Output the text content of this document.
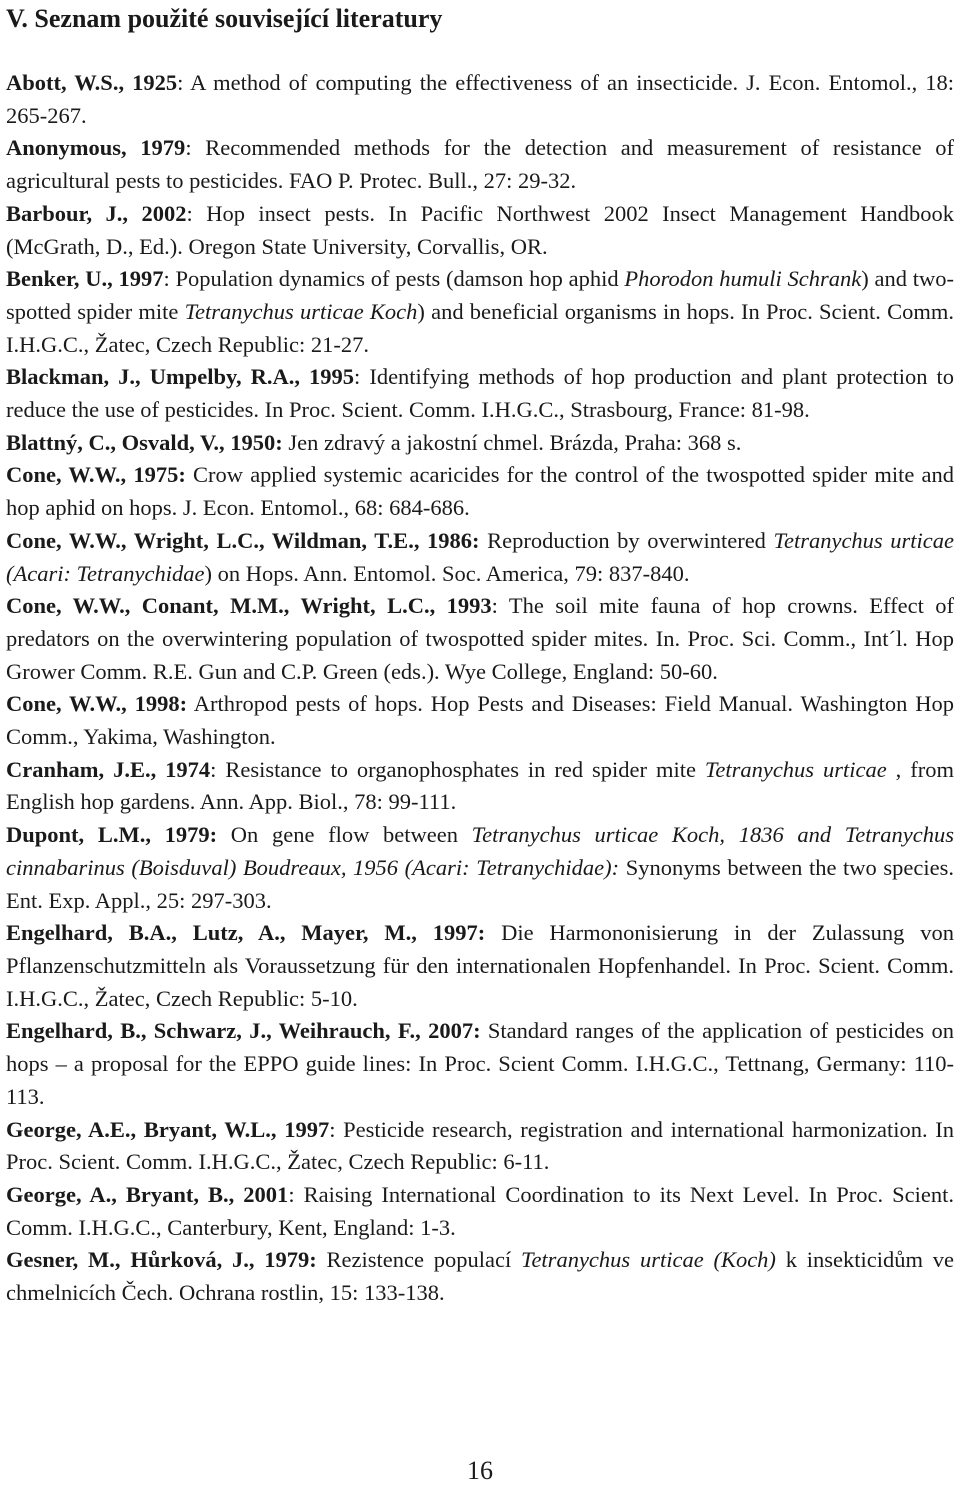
V. Seznam použité související literatury

Abott, W.S., 1925: A method of computing the effectiveness of an insecticide. J. Econ. Entomol., 18: 265-267.

Anonymous, 1979: Recommended methods for the detection and measurement of resistance of agricultural pests to pesticides. FAO P. Protec. Bull., 27: 29-32.

Barbour, J., 2002: Hop insect pests. In Pacific Northwest 2002 Insect Management Handbook (McGrath, D., Ed.). Oregon State University, Corvallis, OR.

Benker, U., 1997: Population dynamics of pests (damson hop aphid Phorodon humuli Schrank) and two-spotted spider mite Tetranychus urticae Koch) and beneficial organisms in hops. In Proc. Scient. Comm. I.H.G.C., Žatec, Czech Republic: 21-27.

Blackman, J., Umpelby, R.A., 1995: Identifying methods of hop production and plant protection to reduce the use of pesticides. In Proc. Scient. Comm. I.H.G.C., Strasbourg, France: 81-98.

Blattný, C., Osvald, V., 1950: Jen zdravý a jakostní chmel. Brázda, Praha: 368 s.

Cone, W.W., 1975: Crow applied systemic acaricides for the control of the twospotted spider mite and hop aphid on hops. J. Econ. Entomol., 68: 684-686.

Cone, W.W., Wright, L.C., Wildman, T.E., 1986: Reproduction by overwintered Tetranychus urticae (Acari: Tetranychidae) on Hops. Ann. Entomol. Soc. America, 79: 837-840.

Cone, W.W., Conant, M.M., Wright, L.C., 1993: The soil mite fauna of hop crowns. Effect of predators on the overwintering population of twospotted spider mites. In. Proc. Sci. Comm., Int´l. Hop Grower Comm. R.E. Gun and C.P. Green (eds.). Wye College, England: 50-60.

Cone, W.W., 1998: Arthropod pests of hops. Hop Pests and Diseases: Field Manual. Washington Hop Comm., Yakima, Washington.

Cranham, J.E., 1974: Resistance to organophosphates in red spider mite Tetranychus urticae , from English hop gardens. Ann. App. Biol., 78: 99-111.

Dupont, L.M., 1979: On gene flow between Tetranychus urticae Koch, 1836 and Tetranychus cinnabarinus (Boisduval) Boudreaux, 1956 (Acari: Tetranychidae): Synonyms between the two species. Ent. Exp. Appl., 25: 297-303.

Engelhard, B.A., Lutz, A., Mayer, M., 1997: Die Harmononisierung in der Zulassung von Pflanzenschutzmitteln als Voraussetzung für den internationalen Hopfenhandel. In Proc. Scient. Comm. I.H.G.C., Žatec, Czech Republic: 5-10.

Engelhard, B., Schwarz, J., Weihrauch, F., 2007: Standard ranges of the application of pesticides on hops – a proposal for the EPPO guide lines: In Proc. Scient Comm. I.H.G.C., Tettnang, Germany: 110-113.

George, A.E., Bryant, W.L., 1997: Pesticide research, registration and international harmonization. In Proc. Scient. Comm. I.H.G.C., Žatec, Czech Republic: 6-11.

George, A., Bryant, B., 2001: Raising International Coordination to its Next Level. In Proc. Scient. Comm. I.H.G.C., Canterbury, Kent, England: 1-3.

Gesner, M., Hůrková, J., 1979: Rezistence populací Tetranychus urticae (Koch) k insekticidům ve chmelnicích Čech. Ochrana rostlin, 15: 133-138.

16
